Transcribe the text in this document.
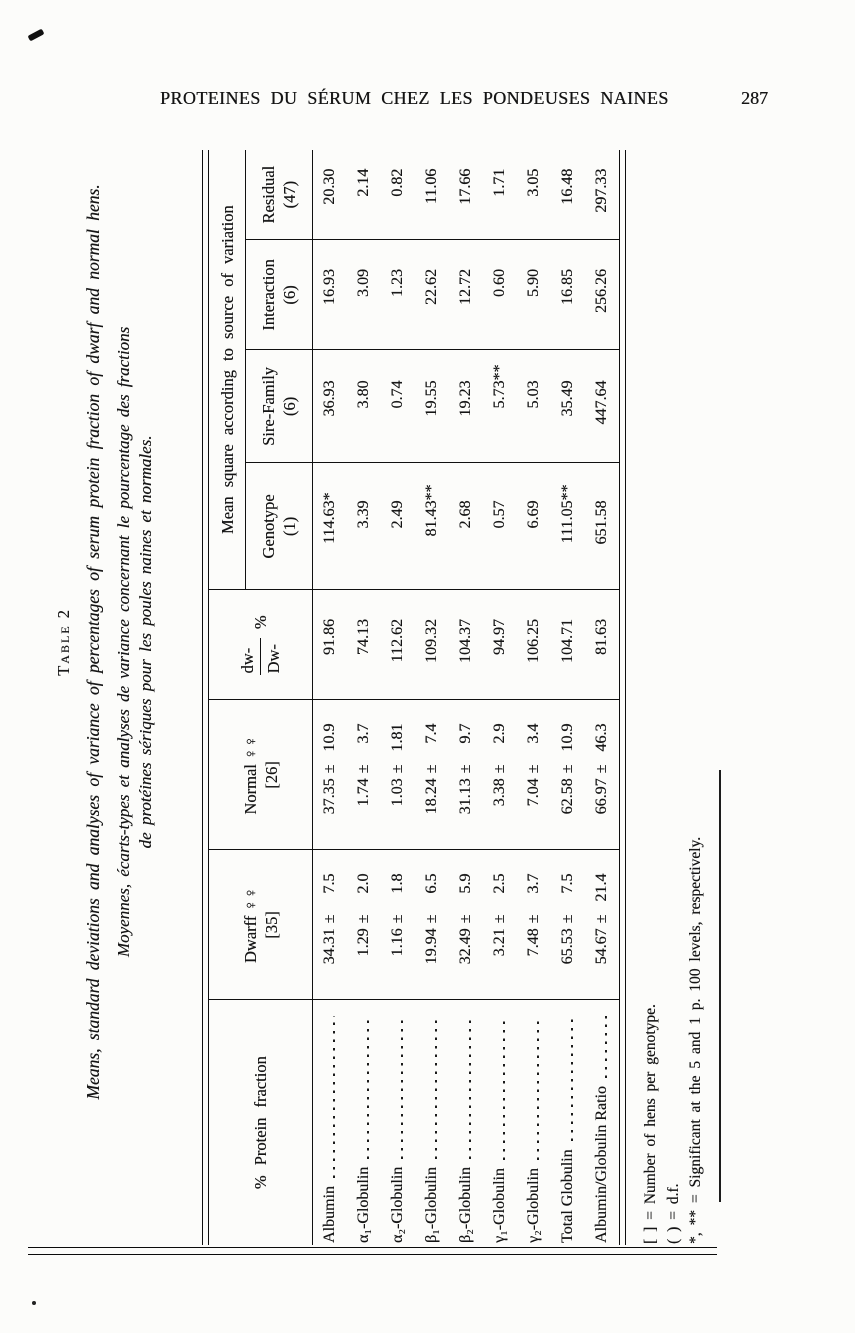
PROTEINES DU SÉRUM CHEZ LES PONDEUSES NAINES	287
Table 2 Means, standard deviations and analyses of variance of percentages of serum protein fraction of dwarf and normal hens. Moyennes, écarts-types et analyses de variance concernant le pourcentage des fractions de protéines sériques pour les poules naines et normales.
% Protein fraction	
Dwarff ♀♀ [35]

Normal ♀♀ [26]

dw- Dw-
%
	Mean square according to source of variation

Genotype (1)

Sire-Family (6)

Interaction (6)

Residual (47)

Albumin	34.31±7.5	37.35±10.9	91.86	114.63*	36.93	16.93	20.30

α₁-Globulin	1.29±2.0	1.74±3.7	74.13	3.39	3.80	3.09	2.14

α₂-Globulin	1.16±1.8	1.03±1.81	112.62	2.49	0.74	1.23	0.82

β₁-Globulin	19.94±6.5	18.24±7.4	109.32	81.43**	19.55	22.62	11.06

β₂-Globulin	32.49±5.9	31.13±9.7	104.37	2.68	19.23	12.72	17.66

γ₁-Globulin	3.21±2.5	3.38±2.9	94.97	0.57	5.73**	0.60	1.71

γ₂-Globulin	7.48±3.7	7.04±3.4	106.25	6.69	5.03	5.90	3.05

Total Globulin	65.53±7.5	62.58±10.9	104.71	111.05**	35.49	16.85	16.48

Albumin/Globulin Ratio	54.67±21.4	66.97±46.3	81.63	651.58	447.64	256.26	297.33
[ ] = Number of hens per genotype. ( ) = d.f. *, ** = Significant at the 5 and 1 p. 100 levels, respectively.
